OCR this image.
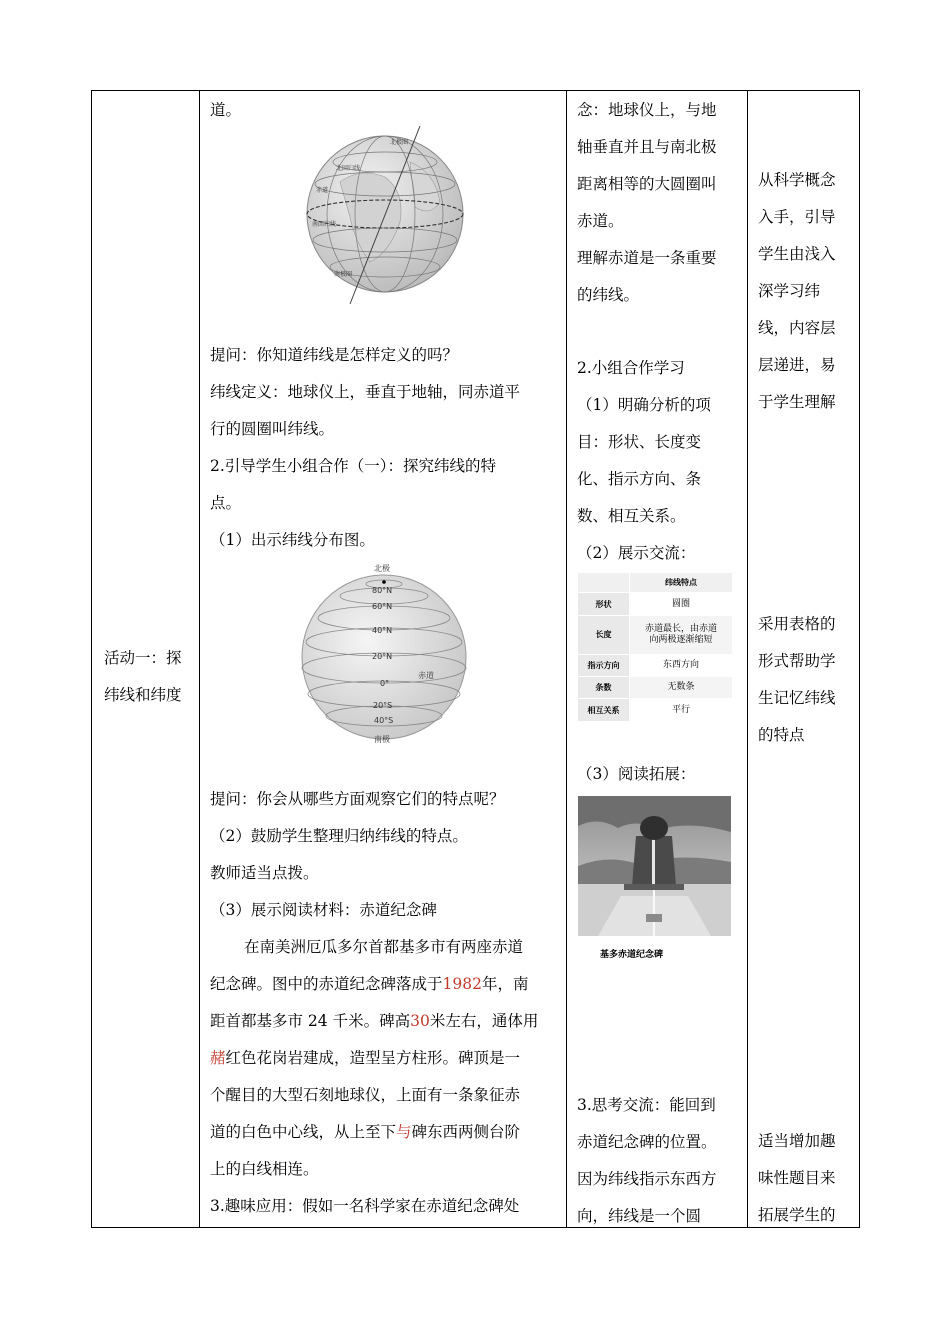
活动一：探
纬线和纬度
道。
北极圈
北回归线
赤道
南回归线
南极圈
提问：你知道纬线是怎样定义的吗？
纬线定义：地球仪上，垂直于地轴，同赤道平
行的圆圈叫纬线。
2.引导学生小组合作（一）：探究纬线的特
点。
（1）出示纬线分布图。
北极
80°N
60°N
40°N
20°N
赤道
0°
20°S
40°S
南极
提问：你会从哪些方面观察它们的特点呢？
（2）鼓励学生整理归纳纬线的特点。
教师适当点拨。
（3）展示阅读材料：赤道纪念碑
在南美洲厄瓜多尔首都基多市有两座赤道
纪念碑。图中的赤道纪念碑落成于1982年，南
距首都基多市 24 千米。碑高30米左右，通体用
赭红色花岗岩建成，造型呈方柱形。碑顶是一
个醒目的大型石刻地球仪，上面有一条象征赤
道的白色中心线，从上至下与碑东西两侧台阶
上的白线相连。
3.趣味应用：假如一名科学家在赤道纪念碑处
念：地球仪上，与地
轴垂直并且与南北极
距离相等的大圆圈叫
赤道。
理解赤道是一条重要
的纬线。
2.小组合作学习
（1）明确分析的项
目：形状、长度变
化、指示方向、条
数、相互关系。
（2）展示交流：
	纬线特点
形状	圆圈
长度	赤道最长，由赤道
向两极逐渐缩短

指示方向	东西方向
条数	无数条
相互关系	平行
（3）阅读拓展：
基多赤道纪念碑
3.思考交流：能回到
赤道纪念碑的位置。
因为纬线指示东西方
向，纬线是一个圆
从科学概念
入手，引导
学生由浅入
深学习纬
线，内容层
层递进，易
于学生理解
采用表格的
形式帮助学
生记忆纬线
的特点
适当增加趣
味性题目来
拓展学生的
